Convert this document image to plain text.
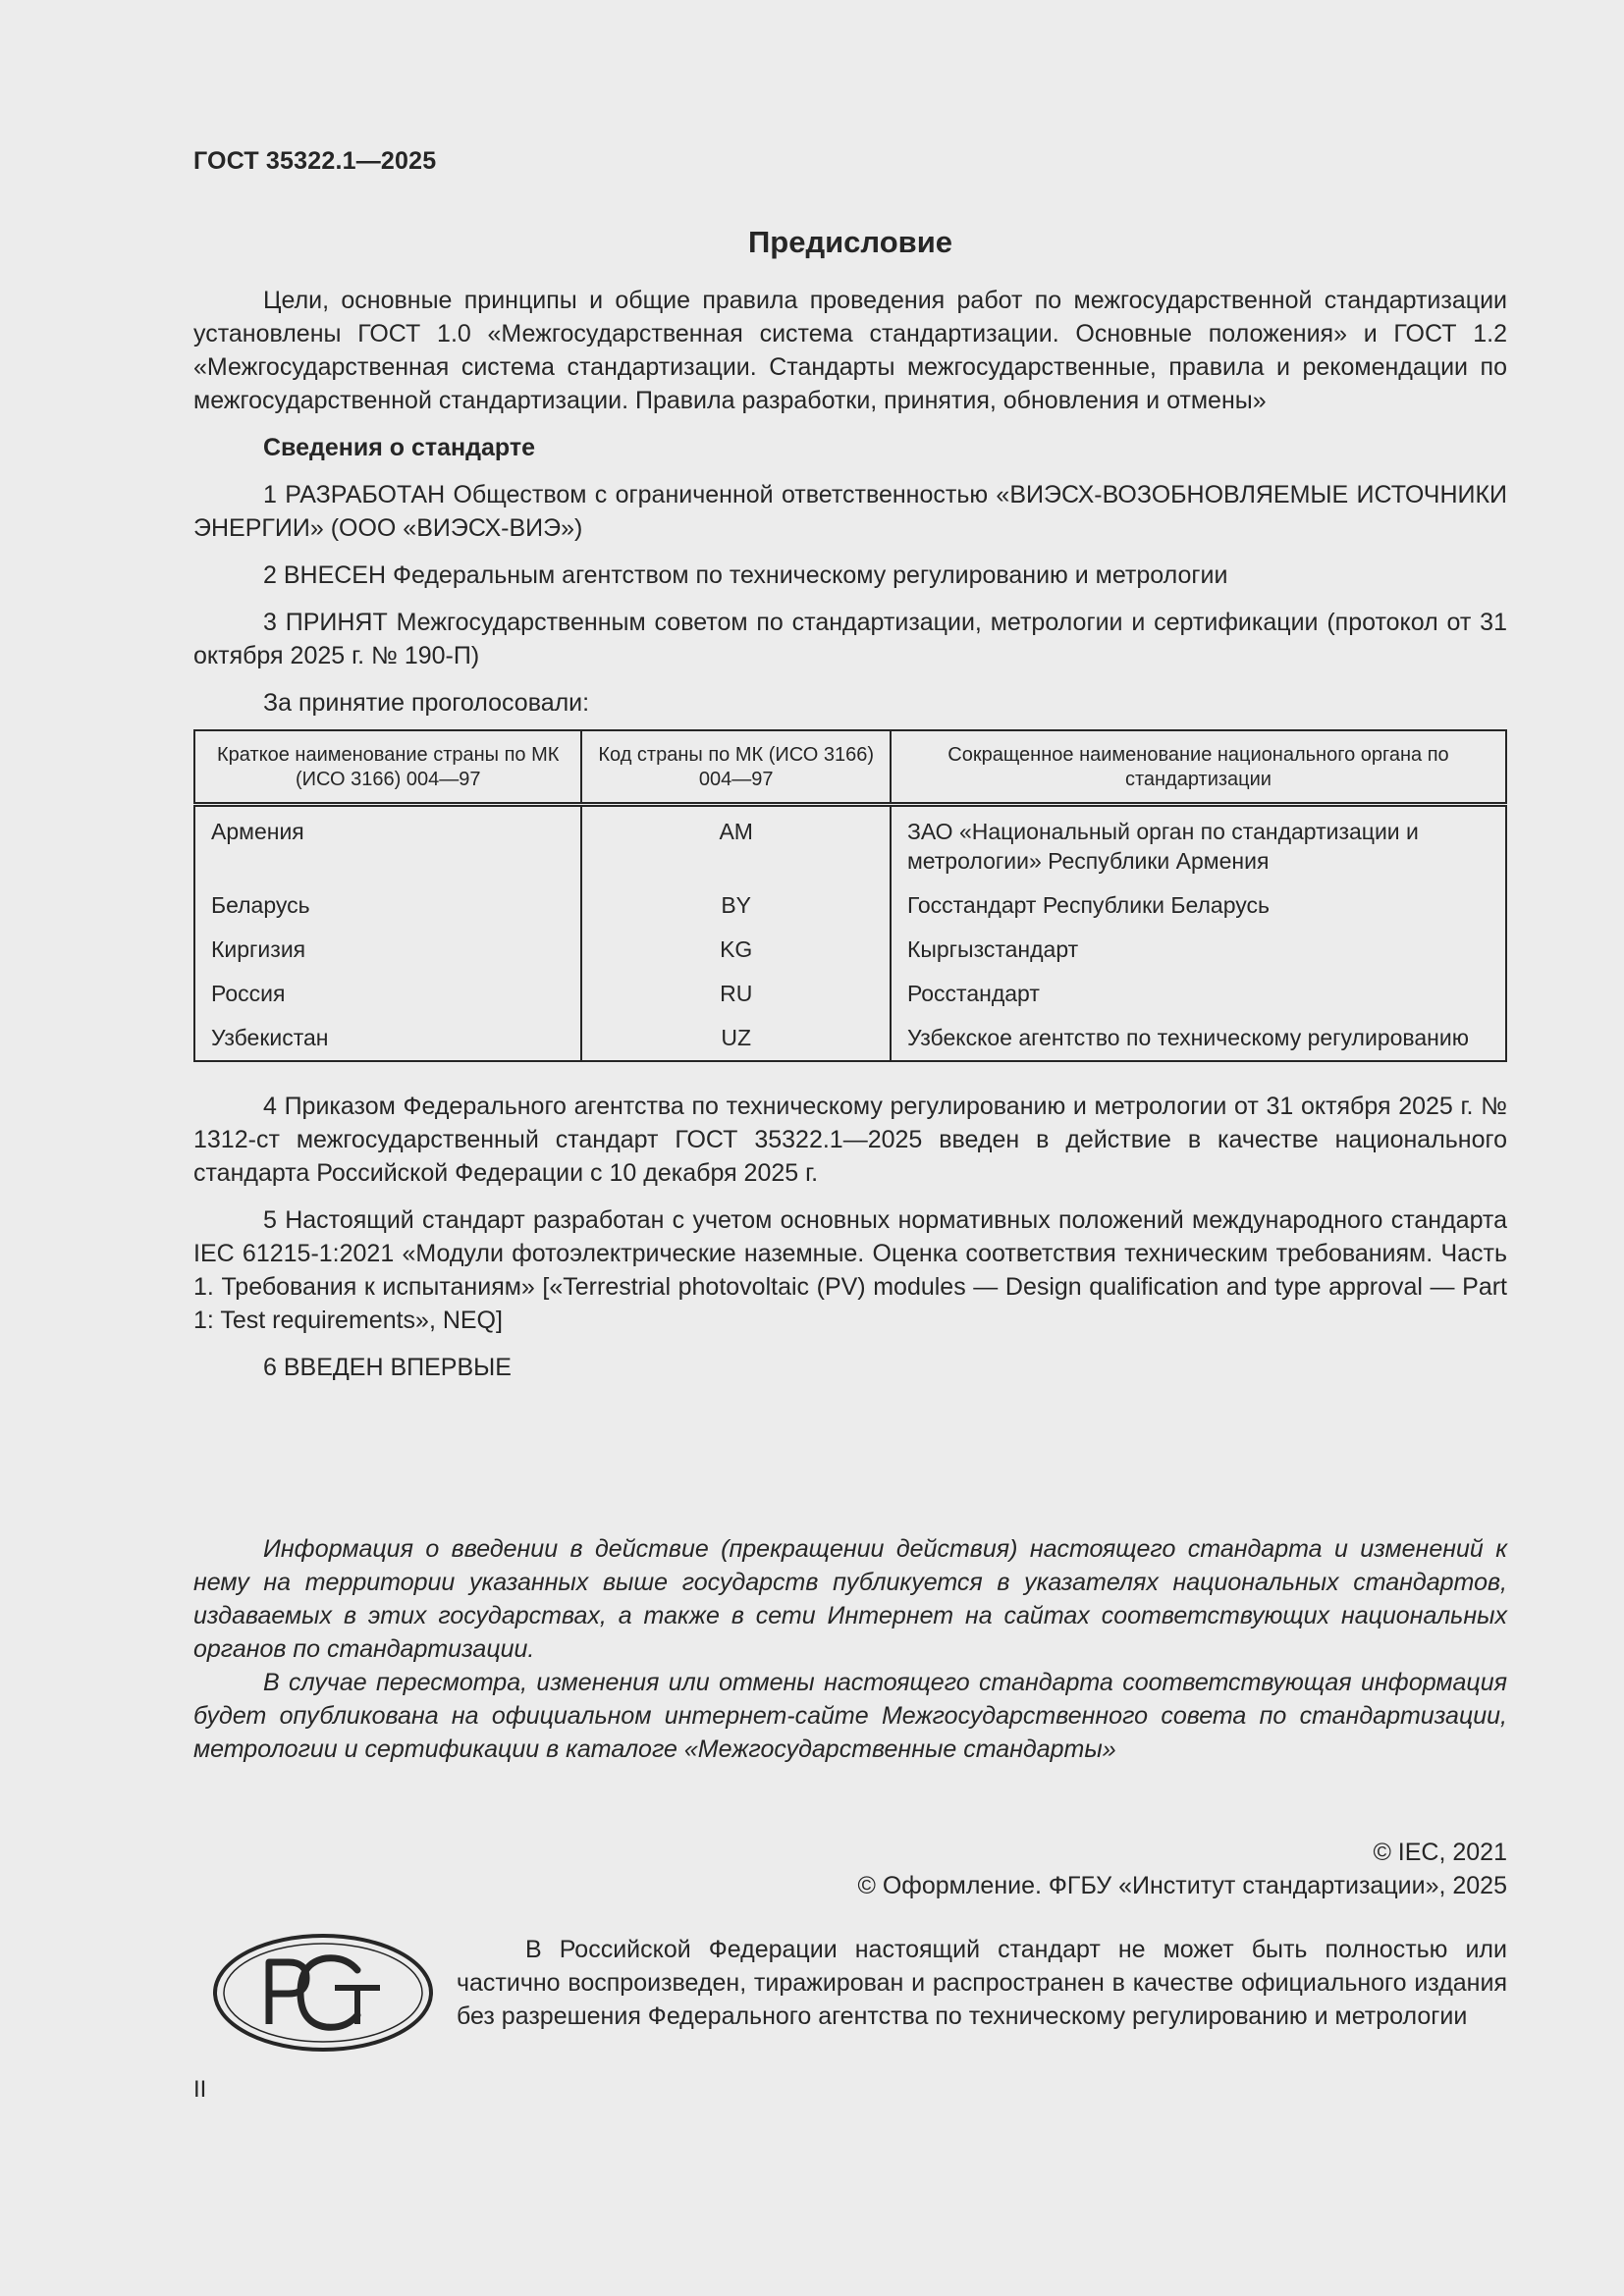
ГОСТ 35322.1—2025
Предисловие

Цели, основные принципы и общие правила проведения работ по межгосударственной стандартизации установлены ГОСТ 1.0 «Межгосударственная система стандартизации. Основные положения» и ГОСТ 1.2 «Межгосударственная система стандартизации. Стандарты межгосударственные, правила и рекомендации по межгосударственной стандартизации. Правила разработки, принятия, обновления и отмены»

Сведения о стандарте

1 РАЗРАБОТАН Обществом с ограниченной ответственностью «ВИЭСХ-ВОЗОБНОВЛЯЕМЫЕ ИСТОЧНИКИ ЭНЕРГИИ» (ООО «ВИЭСХ-ВИЭ»)

2 ВНЕСЕН Федеральным агентством по техническому регулированию и метрологии

3 ПРИНЯТ Межгосударственным советом по стандартизации, метрологии и сертификации (протокол от 31 октября 2025 г. № 190-П)

За принятие проголосовали:

Краткое наименование страны по МК (ИСО 3166) 004—97	Код страны по МК (ИСО 3166) 004—97	Сокращенное наименование национального органа по стандартизации
Армения	AM	ЗАО «Национальный орган по стандартизации и метрологии» Республики Армения
Беларусь	BY	Госстандарт Республики Беларусь
Киргизия	KG	Кыргызстандарт
Россия	RU	Росстандарт
Узбекистан	UZ	Узбекское агентство по техническому регулированию

4 Приказом Федерального агентства по техническому регулированию и метрологии от 31 октября 2025 г. № 1312-ст межгосударственный стандарт ГОСТ 35322.1—2025 введен в действие в качестве национального стандарта Российской Федерации с 10 декабря 2025 г.

5 Настоящий стандарт разработан с учетом основных нормативных положений международного стандарта IEC 61215-1:2021 «Модули фотоэлектрические наземные. Оценка соответствия техническим требованиям. Часть 1. Требования к испытаниям» [«Terrestrial photovoltaic (PV) modules — Design qualification and type approval — Part 1: Test requirements», NEQ]

6 ВВЕДЕН ВПЕРВЫЕ

Информация о введении в действие (прекращении действия) настоящего стандарта и изменений к нему на территории указанных выше государств публикуется в указателях национальных стандартов, издаваемых в этих государствах, а также в сети Интернет на сайтах соответствующих национальных органов по стандартизации.

В случае пересмотра, изменения или отмены настоящего стандарта соответствующая информация будет опубликована на официальном интернет-сайте Межгосударственного совета по стандартизации, метрологии и сертификации в каталоге «Межгосударственные стандарты»

© IEC, 2021
© Оформление. ФГБУ «Институт стандартизации», 2025
В Российской Федерации настоящий стандарт не может быть полностью или частично воспроизведен, тиражирован и распространен в качестве официального издания без разрешения Федерального агентства по техническому регулированию и метрологии
II
